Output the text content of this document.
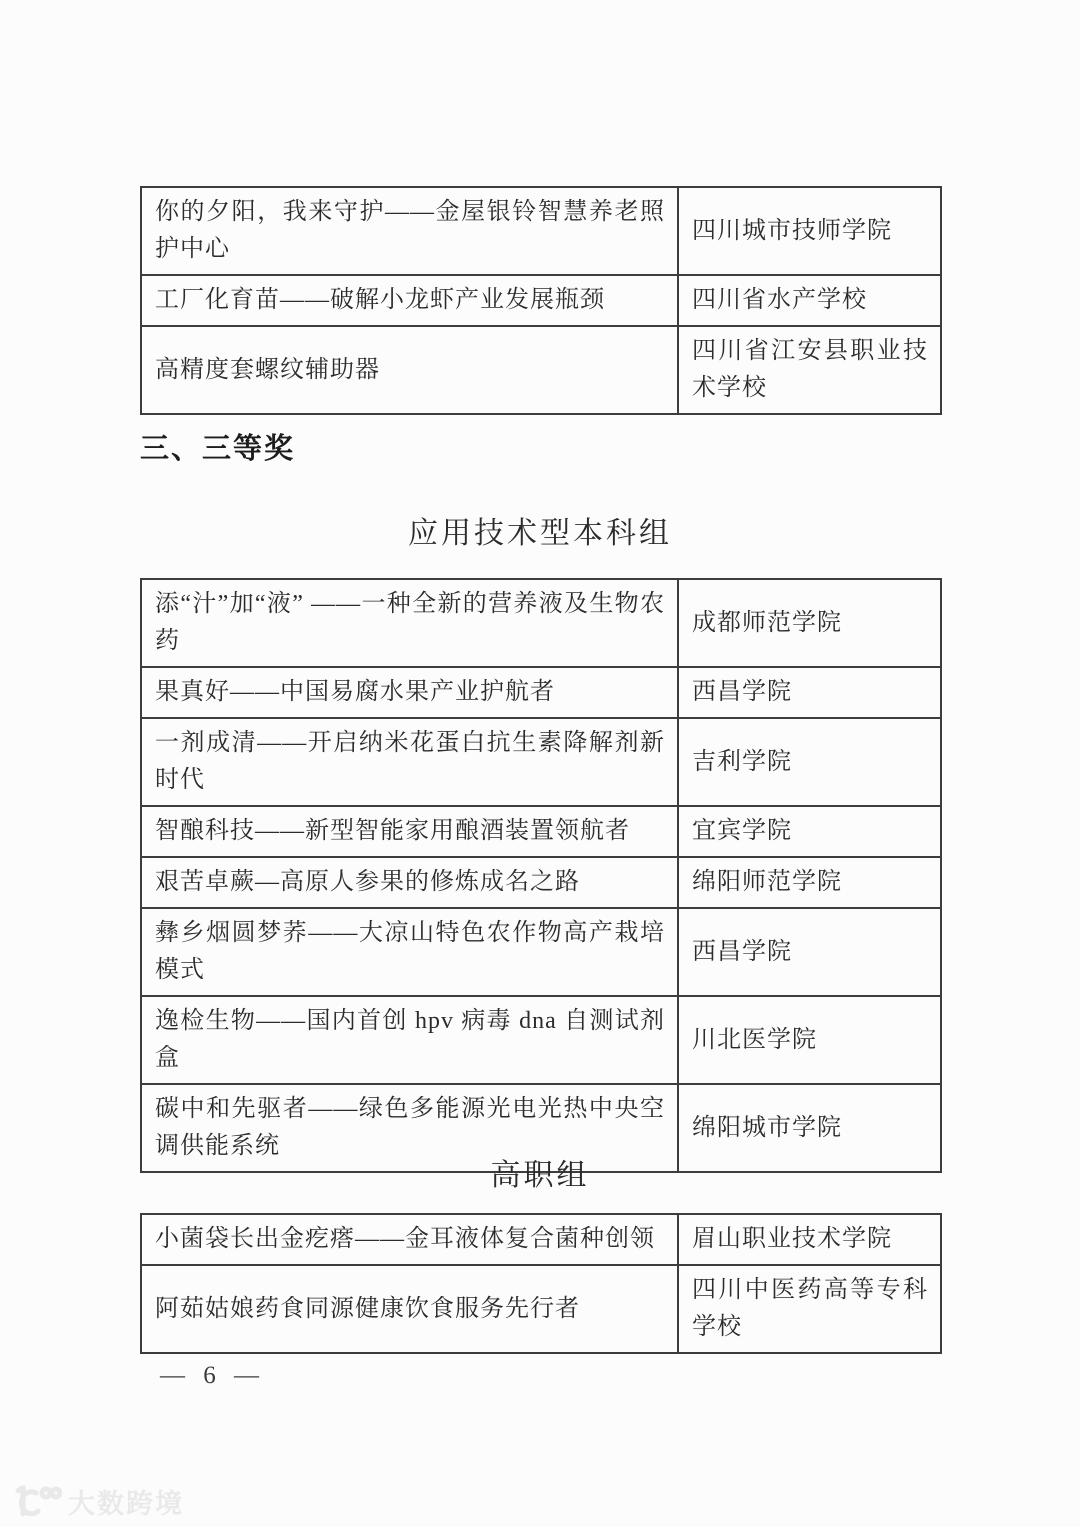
你的夕阳，我来守护——金屋银铃智慧养老照护中心	四川城市技师学院
工厂化育苗——破解小龙虾产业发展瓶颈	四川省水产学校
高精度套螺纹辅助器	四川省江安县职业技术学校
三、三等奖
应用技术型本科组
添“汁”加“液” ——一种全新的营养液及生物农药	成都师范学院
果真好——中国易腐水果产业护航者	西昌学院
一剂成清——开启纳米花蛋白抗生素降解剂新时代	吉利学院
智酿科技——新型智能家用酿酒装置领航者	宜宾学院
艰苦卓蕨—高原人参果的修炼成名之路	绵阳师范学院
彝乡烟圆梦荞——大凉山特色农作物高产栽培模式	西昌学院
逸检生物——国内首创 hpv 病毒 dna 自测试剂盒	川北医学院
碳中和先驱者——绿色多能源光电光热中央空调供能系统	绵阳城市学院
高职组
小菌袋长出金疙瘩——金耳液体复合菌种创领	眉山职业技术学院
阿茹姑娘药食同源健康饮食服务先行者	四川中医药高等专科学校
— 6 —
大数跨境
